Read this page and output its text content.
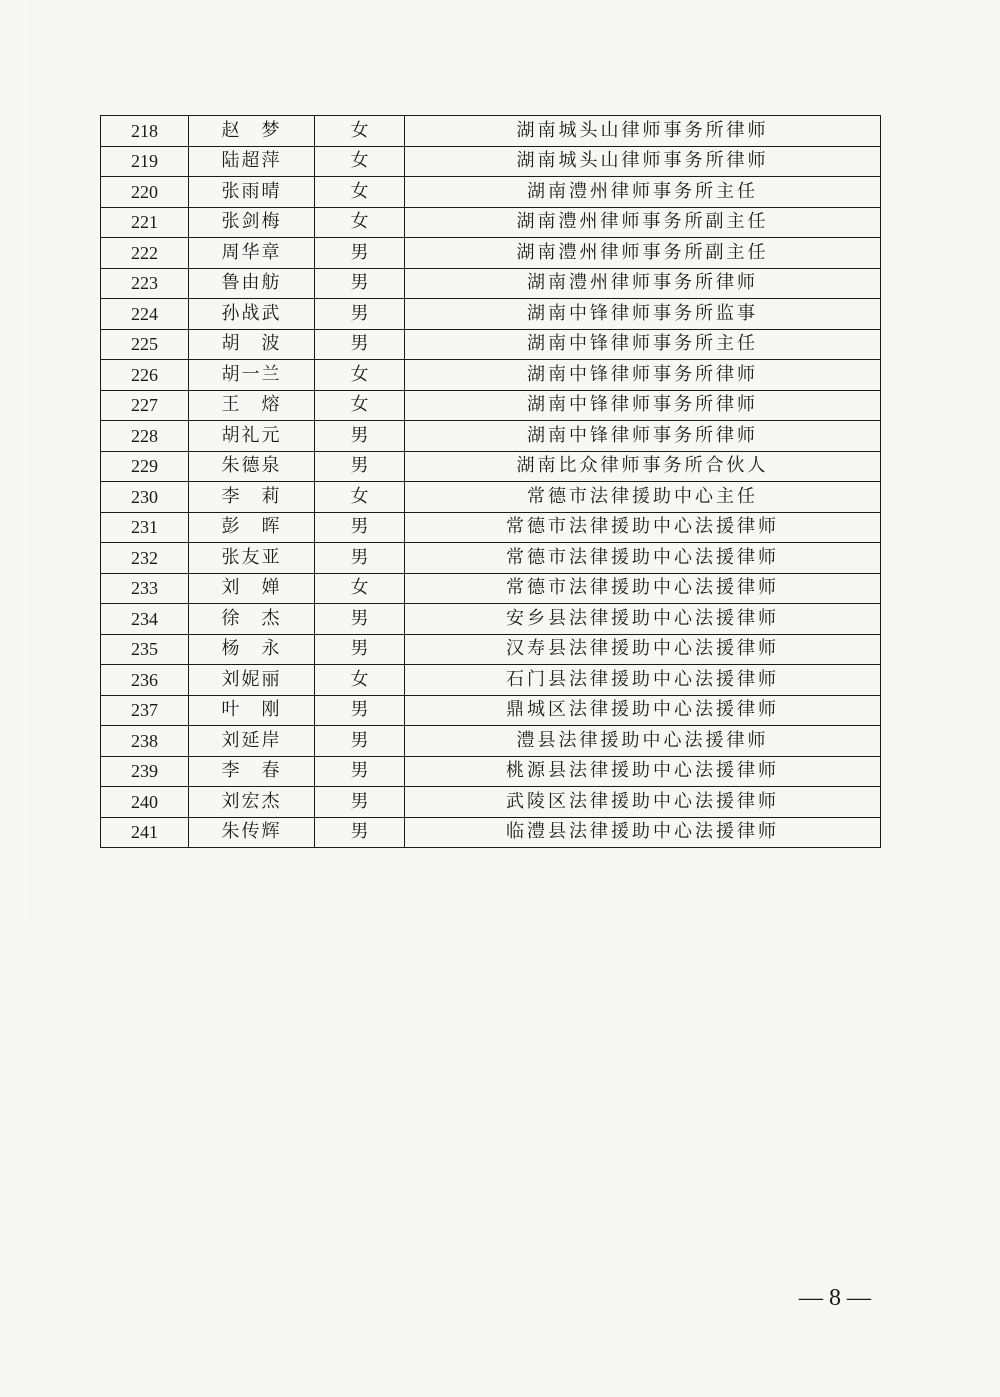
218	赵　梦	女	湖南城头山律师事务所律师
219	陆超萍	女	湖南城头山律师事务所律师
220	张雨晴	女	湖南澧州律师事务所主任
221	张剑梅	女	湖南澧州律师事务所副主任
222	周华章	男	湖南澧州律师事务所副主任
223	鲁由舫	男	湖南澧州律师事务所律师
224	孙战武	男	湖南中锋律师事务所监事
225	胡　波	男	湖南中锋律师事务所主任
226	胡一兰	女	湖南中锋律师事务所律师
227	王　熔	女	湖南中锋律师事务所律师
228	胡礼元	男	湖南中锋律师事务所律师
229	朱德泉	男	湖南比众律师事务所合伙人
230	李　莉	女	常德市法律援助中心主任
231	彭　晖	男	常德市法律援助中心法援律师
232	张友亚	男	常德市法律援助中心法援律师
233	刘　婵	女	常德市法律援助中心法援律师
234	徐　杰	男	安乡县法律援助中心法援律师
235	杨　永	男	汉寿县法律援助中心法援律师
236	刘妮丽	女	石门县法律援助中心法援律师
237	叶　刚	男	鼎城区法律援助中心法援律师
238	刘延岸	男	澧县法律援助中心法援律师
239	李　春	男	桃源县法律援助中心法援律师
240	刘宏杰	男	武陵区法律援助中心法援律师
241	朱传辉	男	临澧县法律援助中心法援律师
— 8 —
